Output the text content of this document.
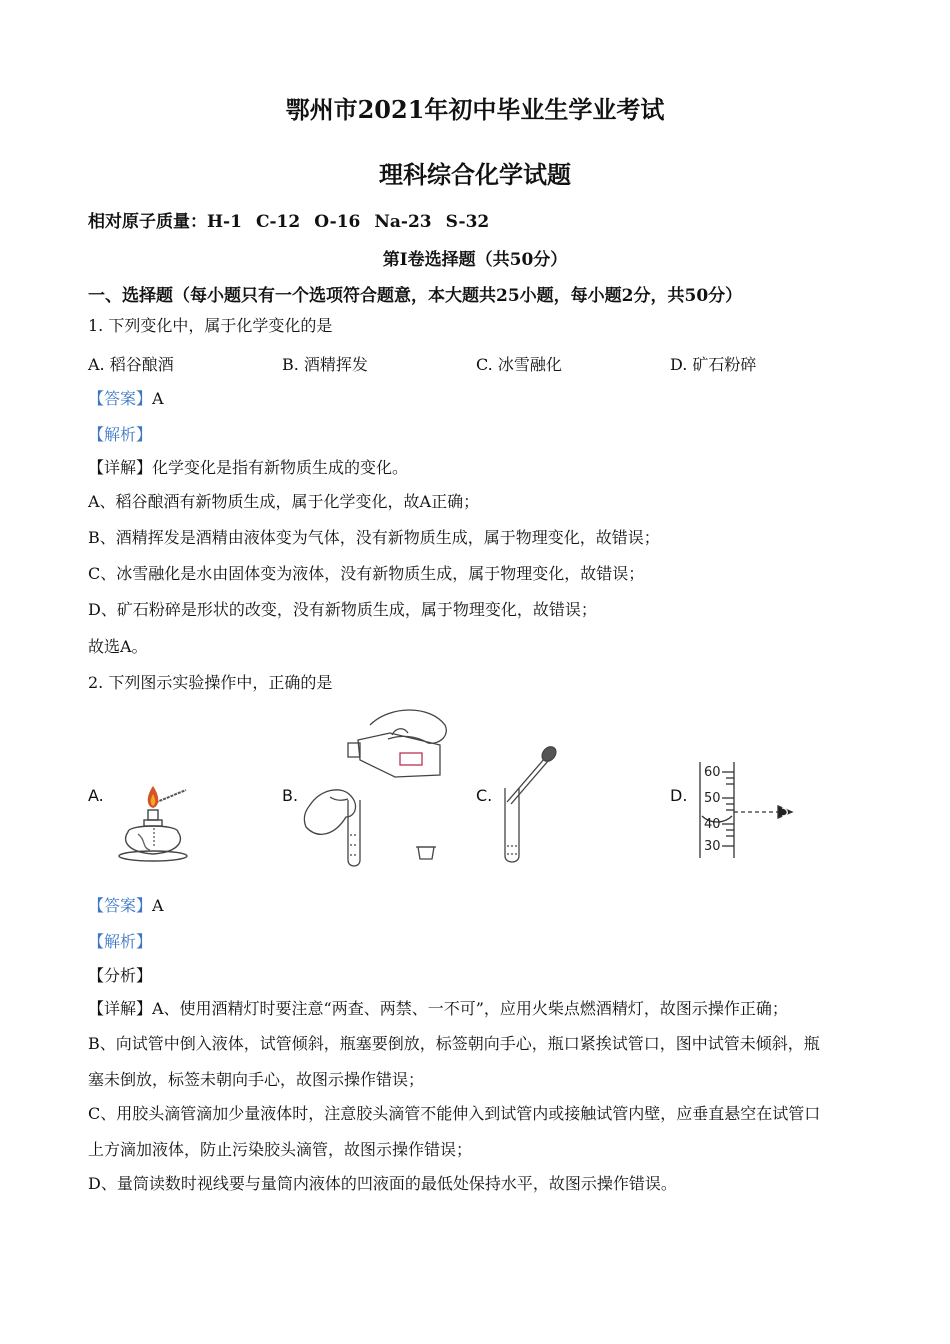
鄂州市2021年初中毕业生学业考试
理科综合化学试题
相对原子质量：H-1 C-12 O-16 Na-23 S-32
第Ⅰ卷选择题（共50分）
一、选择题（每小题只有一个选项符合题意，本大题共25小题，每小题2分，共50分）
1. 下列变化中，属于化学变化的是
A. 稻谷酿酒	B. 酒精挥发	C. 冰雪融化	D. 矿石粉碎
【答案】A
【解析】
【详解】化学变化是指有新物质生成的变化。
A、稻谷酿酒有新物质生成，属于化学变化，故A正确；
B、酒精挥发是酒精由液体变为气体，没有新物质生成，属于物理变化，故错误；
C、冰雪融化是水由固体变为液体，没有新物质生成，属于物理变化，故错误；
D、矿石粉碎是形状的改变，没有新物质生成，属于物理变化，故错误；
故选A。
2. 下列图示实验操作中，正确的是
A.	B.	C.	D.
60
50
40
30
【答案】A
【解析】
【分析】
【详解】A、使用酒精灯时要注意“两查、两禁、一不可”，应用火柴点燃酒精灯，故图示操作正确；
B、向试管中倒入液体，试管倾斜，瓶塞要倒放，标签朝向手心，瓶口紧挨试管口，图中试管未倾斜，瓶
塞未倒放，标签未朝向手心，故图示操作错误；
C、用胶头滴管滴加少量液体时，注意胶头滴管不能伸入到试管内或接触试管内壁，应垂直悬空在试管口
上方滴加液体，防止污染胶头滴管，故图示操作错误；
D、量筒读数时视线要与量筒内液体的凹液面的最低处保持水平，故图示操作错误。
